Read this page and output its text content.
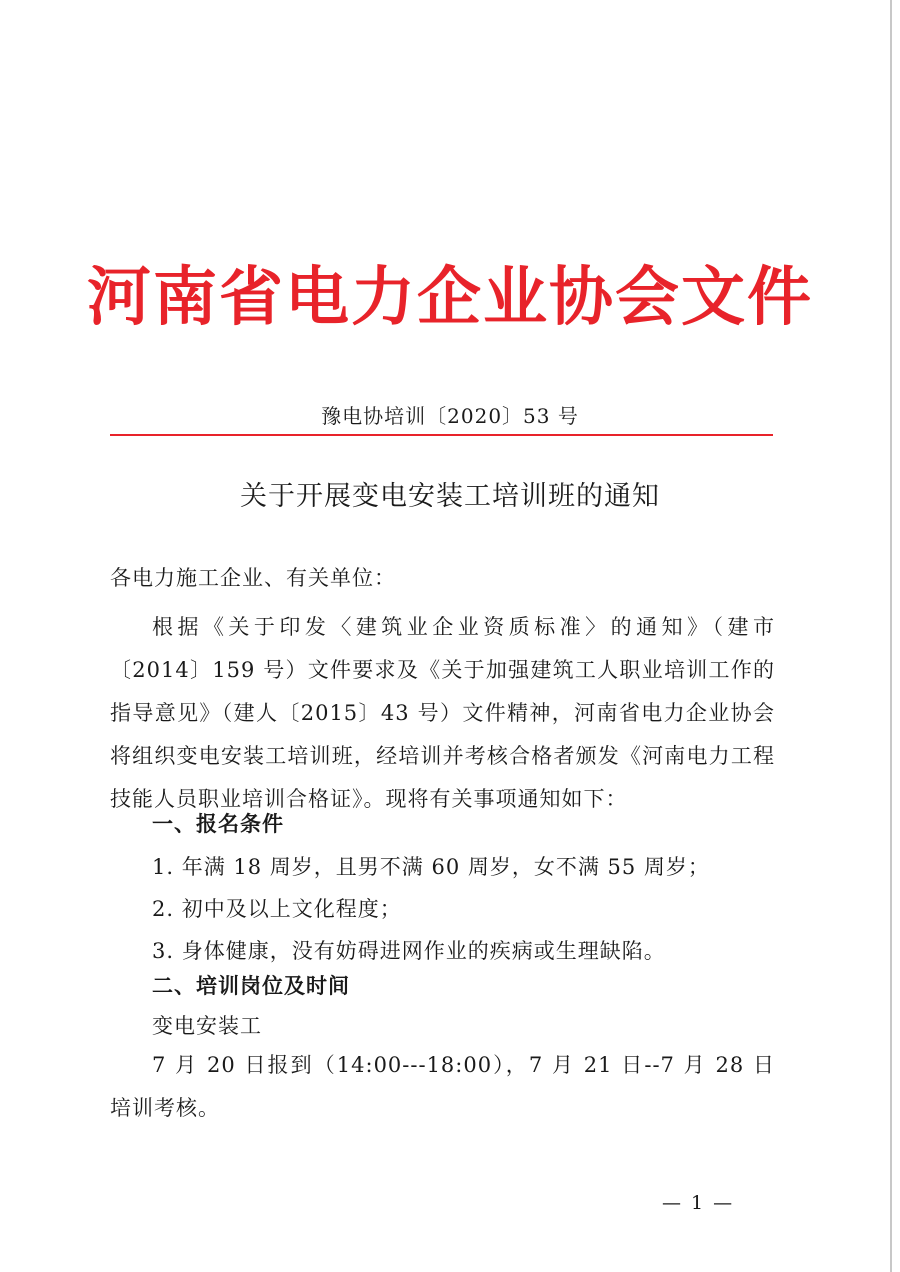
河南省电力企业协会文件
豫电协培训〔2020〕53 号
关于开展变电安装工培训班的通知
各电力施工企业、有关单位：

根据《关于印发〈建筑业企业资质标准〉的通知》（建市〔2014〕159 号）文件要求及《关于加强建筑工人职业培训工作的指导意见》（建人〔2015〕43 号）文件精神，河南省电力企业协会将组织变电安装工培训班，经培训并考核合格者颁发《河南电力工程技能人员职业培训合格证》。现将有关事项通知如下：

一、报名条件
1. 年满 18 周岁，且男不满 60 周岁，女不满 55 周岁；
2. 初中及以上文化程度；
3. 身体健康，没有妨碍进网作业的疾病或生理缺陷。
二、培训岗位及时间
变电安装工

7 月 20 日报到（14:00---18:00），7 月 21 日--7 月 28 日培训考核。

— 1 —
